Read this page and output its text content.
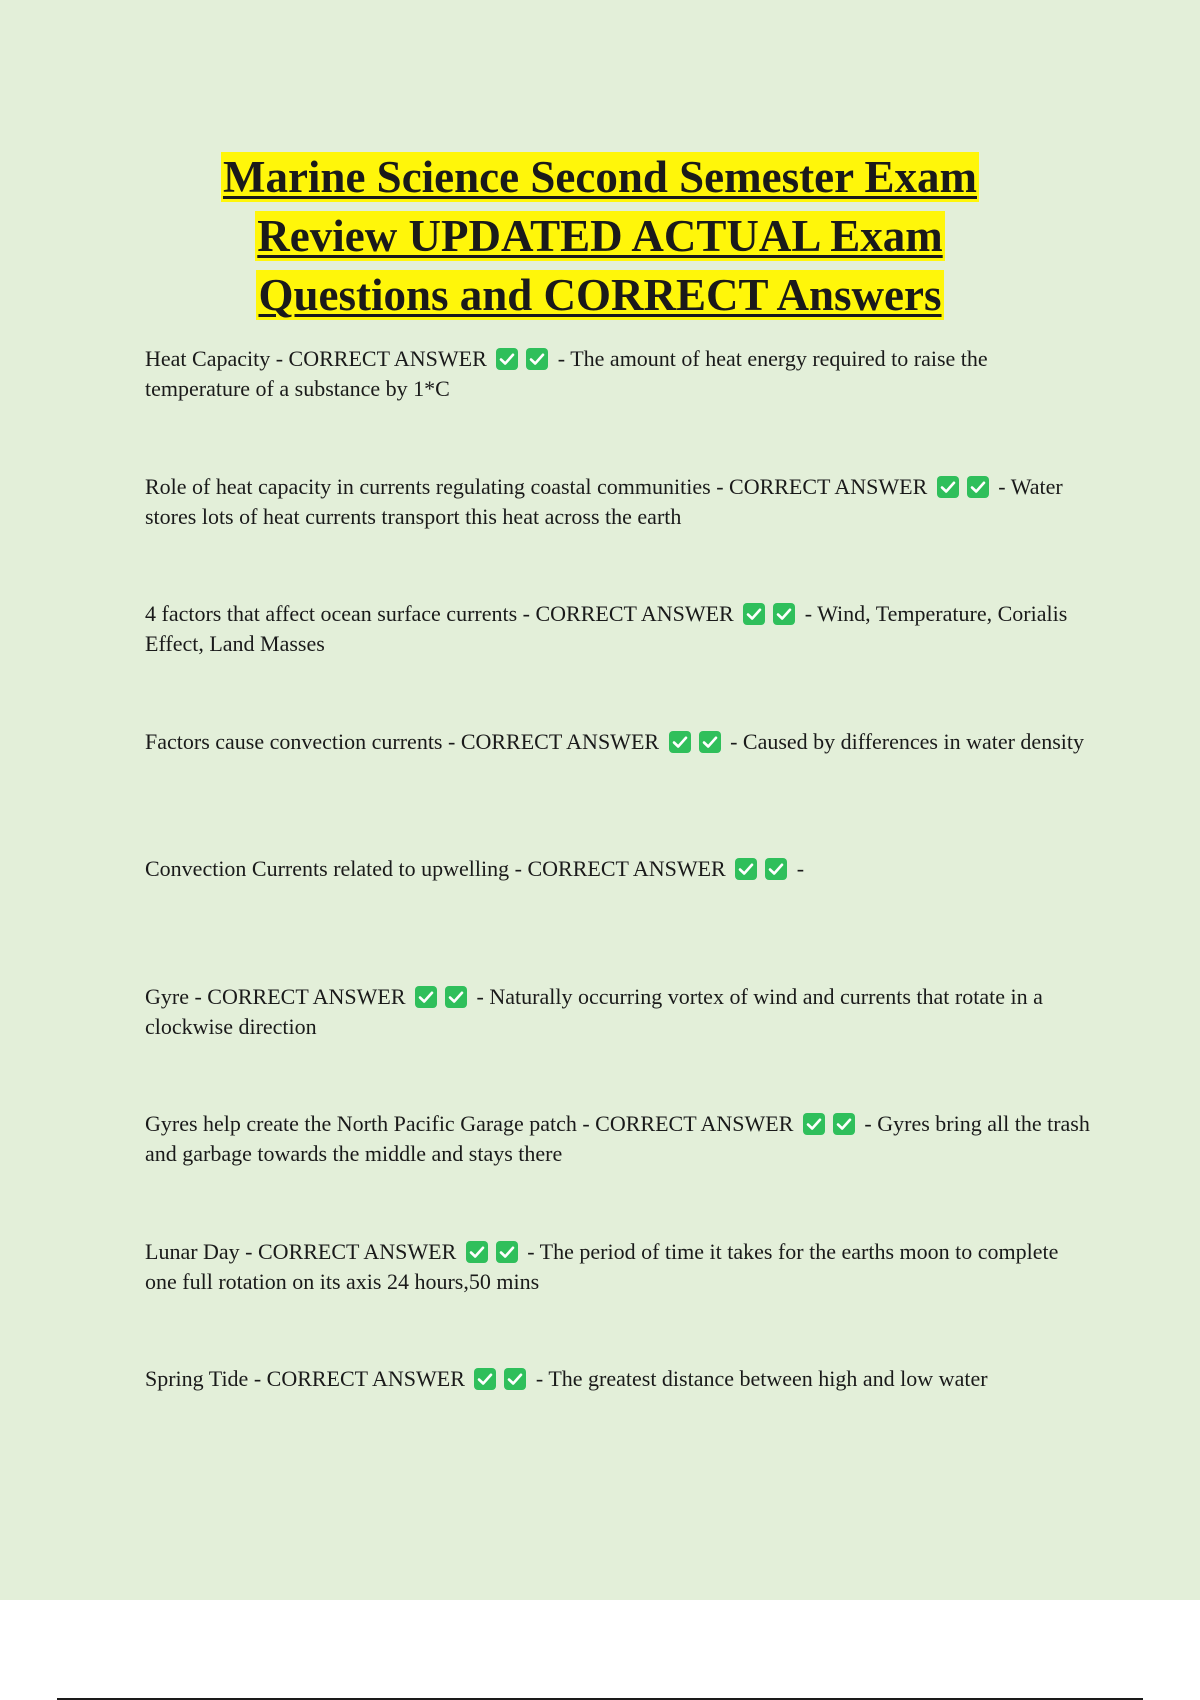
Marine Science Second Semester Exam
Review UPDATED ACTUAL Exam
Questions and CORRECT Answers

Heat Capacity - CORRECT ANSWER	- The amount of heat energy required to raise the temperature of a substance by 1*C

Role of heat capacity in currents regulating coastal communities - CORRECT ANSWER	- Water stores lots of heat currents transport this heat across the earth

4 factors that affect ocean surface currents - CORRECT ANSWER	- Wind, Temperature, Corialis Effect, Land Masses

Factors cause convection currents - CORRECT ANSWER	- Caused by differences in water density

Convection Currents related to upwelling - CORRECT ANSWER	-

Gyre - CORRECT ANSWER	- Naturally occurring vortex of wind and currents that rotate in a clockwise direction

Gyres help create the North Pacific Garage patch - CORRECT ANSWER	- Gyres bring all the trash and garbage towards the middle and stays there

Lunar Day - CORRECT ANSWER	- The period of time it takes for the earths moon to complete one full rotation on its axis 24 hours,50 mins

Spring Tide - CORRECT ANSWER	- The greatest distance between high and low water
